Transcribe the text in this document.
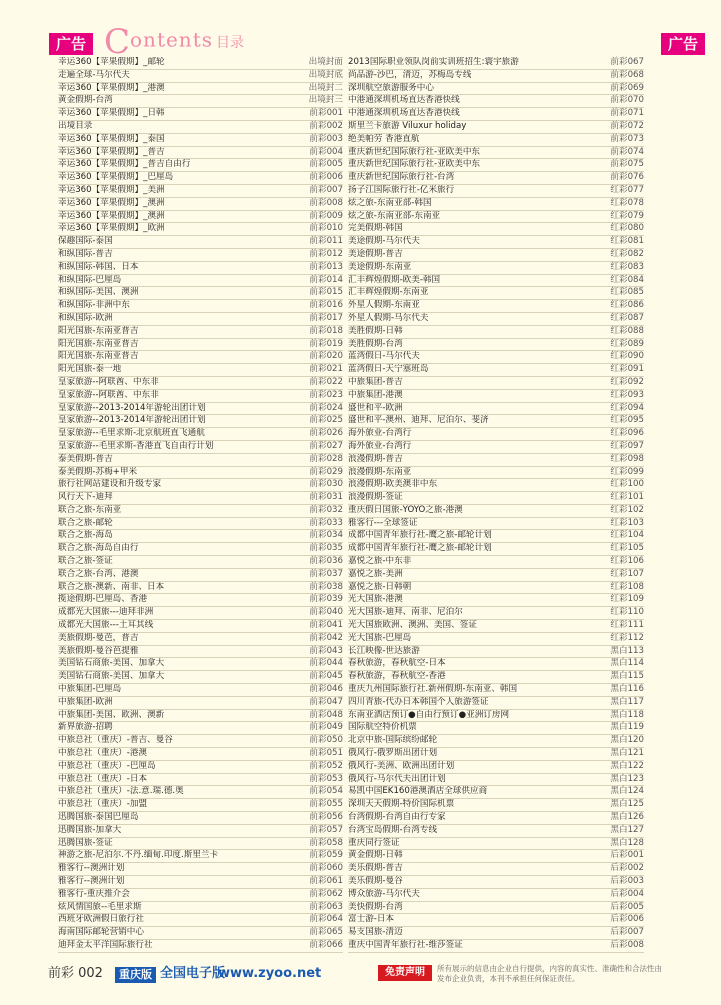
广告	广告
Contents 目录
幸运360【苹果假期】_邮轮	出境封面
走遍全球-马尔代夫	出境封底
幸运360【苹果假期】_港澳	出境封二
黄金假期-台湾	出境封三
幸运360【苹果假期】_日韩	前彩001
出境目录	前彩002
幸运360【苹果假期】_泰国	前彩003
幸运360【苹果假期】_普吉	前彩004
幸运360【苹果假期】_普吉自由行	前彩005
幸运360【苹果假期】_巴厘岛	前彩006
幸运360【苹果假期】_美洲	前彩007
幸运360【苹果假期】_澳洲	前彩008
幸运360【苹果假期】_澳洲	前彩009
幸运360【苹果假期】_欧洲	前彩010
保趣国际-泰国	前彩011
和纵国际-普吉	前彩012
和纵国际-韩国、日本	前彩013
和纵国际-巴厘岛	前彩014
和纵国际-美国、澳洲	前彩015
和纵国际-非洲中东	前彩016
和纵国际-欧洲	前彩017
阳光国旅-东南亚普吉	前彩018
阳光国旅-东南亚普吉	前彩019
阳光国旅-东南亚普吉	前彩020
阳光国旅-泰一地	前彩021
皇家旅游--阿联酋、中东非	前彩022
皇家旅游--阿联酋、中东非	前彩023
皇家旅游--2013-2014年游轮出团计划	前彩024
皇家旅游--2013-2014年游轮出团计划	前彩025
皇家旅游--毛里求斯-北京航班直飞通航	前彩026
皇家旅游--毛里求斯-香港直飞自由行计划	前彩027
泰美假期-普吉	前彩028
泰美假期-苏梅+甲米	前彩029
旅行社网站建设和升级专家	前彩030
风行天下-迪拜	前彩031
联合之旅-东南亚	前彩032
联合之旅-邮轮	前彩033
联合之旅-海岛	前彩034
联合之旅-海岛自由行	前彩035
联合之旅-签证	前彩036
联合之旅-台湾、港澳	前彩037
联合之旅-澳新、南非、日本	前彩038
揽途假期-巴厘岛、香港	前彩039
成都光大国旅---迪拜非洲	前彩040
成都光大国旅---土耳其线	前彩041
美旅假期-曼芭，普吉	前彩042
美旅假期-曼谷芭提雅	前彩043
美国钻石商旅-美国、加拿大	前彩044
美国钻石商旅-美国、加拿大	前彩045
中旅集团-巴厘岛	前彩046
中旅集团-欧洲	前彩047
中旅集团-美国、欧洲、澳新	前彩048
新界旅游-招聘	前彩049
中旅总社（重庆）-普吉、曼谷	前彩050
中旅总社（重庆）-港澳	前彩051
中旅总社（重庆）-巴厘岛	前彩052
中旅总社（重庆）-日本	前彩053
中旅总社（重庆）-法.意.瑞.德.奥	前彩054
中旅总社（重庆）-加盟	前彩055
迅腾国旅-泰国巴厘岛	前彩056
迅腾国旅-加拿大	前彩057
迅腾国旅-签证	前彩058
神游之旅-尼泊尔.不丹.缅甸.印度.斯里兰卡	前彩059
雅客行--澳洲计划	前彩060
雅客行--澳洲计划	前彩061
雅客行-重庆推介会	前彩062
炫风情国旅--毛里求斯	前彩063
西班牙欧洲假日旅行社	前彩064
海南国际邮轮营销中心	前彩065
迪拜金太平洋国际旅行社	前彩066
2013国际职业领队岗前实训班招生:寰宇旅游	前彩067
尚品游-沙巴，清迈，苏梅岛专线	前彩068
深圳航空旅游服务中心	前彩069
中港通深圳机场直达香港快线	前彩070
中港通深圳机场直达香港快线	前彩071
斯里兰卡旅游 Viluxur holiday	前彩072
绝美帕劳 香港直航	前彩073
重庆新世纪国际旅行社-亚欧美中东	前彩074
重庆新世纪国际旅行社-亚欧美中东	前彩075
重庆新世纪国际旅行社-台湾	前彩076
扬子江国际旅行社-亿米旅行	红彩077
炫之旅-东南亚部-韩国	红彩078
炫之旅-东南亚部-东南亚	红彩079
完美假期-韩国	红彩080
美途假期-马尔代夫	红彩081
美途假期-普吉	红彩082
美途假期-东南亚	红彩083
汇丰辉煌假期-欧美-韩国	红彩084
汇丰辉煌假期-东南亚	红彩085
外星人假期-东南亚	红彩086
外星人假期-马尔代夫	红彩087
美胜假期-日韩	红彩088
美胜假期-台湾	红彩089
蓝湾假日-马尔代夫	红彩090
蓝湾假日-天宁塞班岛	红彩091
中旅集团-普吉	红彩092
中旅集团-港澳	红彩093
盛世和平-欧洲	红彩094
盛世和平-澳州、迪拜、尼泊尔、斐济	红彩095
海外旅业-台湾行	红彩096
海外旅业-台湾行	红彩097
浪漫假期-普吉	红彩098
浪漫假期-东南亚	红彩099
浪漫假期-欧美澳非中东	红彩100
浪漫假期-签证	红彩101
重庆假日国旅-YOYO之旅-港澳	红彩102
雅客行---全球签证	红彩103
成都中国青年旅行社-鹰之旅-邮轮计划	红彩104
成都中国青年旅行社-鹰之旅-邮轮计划	红彩105
嘉悦之旅-中东非	红彩106
嘉悦之旅-美洲	红彩107
嘉悦之旅-日韩朝	红彩108
光大国旅-港澳	红彩109
光大国旅-迪拜、南非、尼泊尔	红彩110
光大国旅欧洲、澳洲、美国、签证	红彩111
光大国旅-巴厘岛	红彩112
长江映像-世达旅游	黑白113
春秋旅游，春秋航空-日本	黑白114
春秋旅游，春秋航空-香港	黑白115
重庆九州国际旅行社.新州假期-东南亚、韩国	黑白116
四川青旅-代办日本韩国个人旅游签证	黑白117
东南亚酒店预订●自由行预订●亚洲订房网	黑白118
国际航空特价机票	黑白119
北京中旅-国际缤纷邮轮	黑白120
俄风行-俄罗斯出团计划	黑白121
俄风行-美洲、欧洲出团计划	黑白122
俄风行-马尔代夫出团计划	黑白123
易凯中国EK160港澳酒店全球供应商	黑白124
深圳天天假期-特价国际机票	黑白125
台湾假期-台湾自由行专家	黑白126
台湾宝岛假期-台湾专线	黑白127
重庆同行签证	黑白128
黄金假期-日韩	后彩001
美乐假期-普吉	后彩002
美乐假期-曼谷	后彩003
博众旅游-马尔代夫	后彩004
美快假期-台湾	后彩005
富士游-日本	后彩006
易支国旅-清迈	后彩007
重庆中国青年旅行社-维莎签证	后彩008
前彩 002	重庆版 全国电子版
www.zyoo.net	免责声明	所有展示的信息由企业自行提供，内容的真实性、准确性和合法性由发布企业负责，本刊不承担任何保证责任。
